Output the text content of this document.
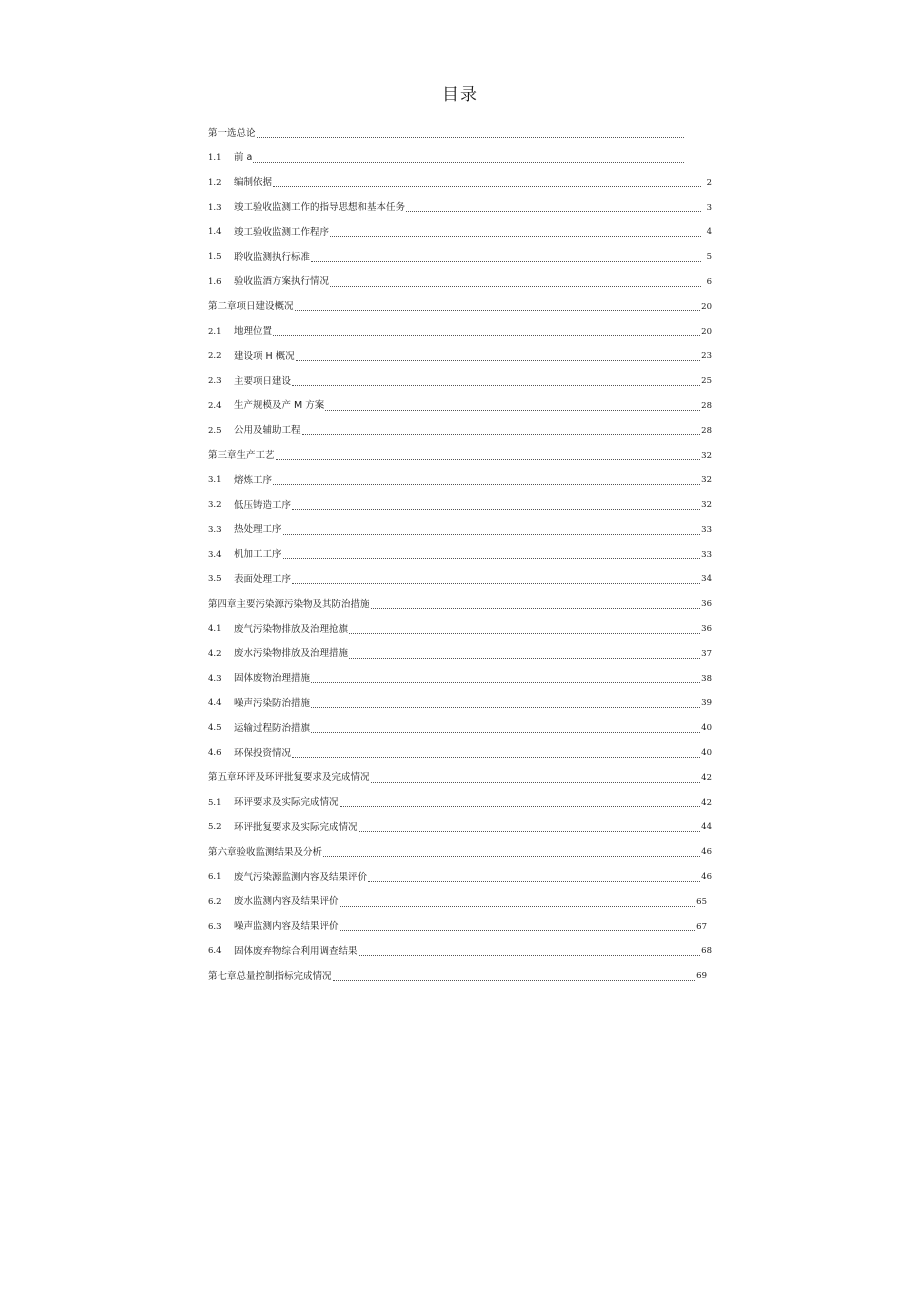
目录
第一选总论
1.1	前 a
1.2	编制依据	2
1.3	竣工验收监测工作的指导思想和基本任务	3
1.4	竣工验收监测工作程序	4
1.5	聆收监测执行标准	5
1.6	验收监酒方案执行情况	6
第二章项日建设概况	20
2.1	地理位置	20
2.2	建设项 H 概况	23
2.3	主要项日建设	25
2.4	生产规模及产 M 方案	28
2.5	公用及辅助工程	28
第三章生产工艺	32
3.1	熔炼工序	32
3.2	低压铸造工序	32
3.3	热处理工序	33
3.4	机加工工序	33
3.5	表面处理工序	34
第四章主要污染源污染物及其防治措施	36
4.1	废气污染物排放及治理抢旗	36
4.2	废水污染物排放及治理措施	37
4.3	固体废物治理措施	38
4.4	噪声污染防治措施	39
4.5	运输过程防治措旗	40
4.6	环保投资情况	40
第五章环评及环评批复要求及完成情况	42
5.1	环评要求及实际完成情况	42
5.2	环评批复要求及实际完成情况	44
第六章验收监测结果及分析	46
6.1	废气污染源监测内容及结果评价	46
6.2	废水监测内容及结果评价	65
6.3	噪声监测内容及结果评价	67
6.4	固体废弃物综合利用调查结果	68
第七章总量控制指标完成情况	69
